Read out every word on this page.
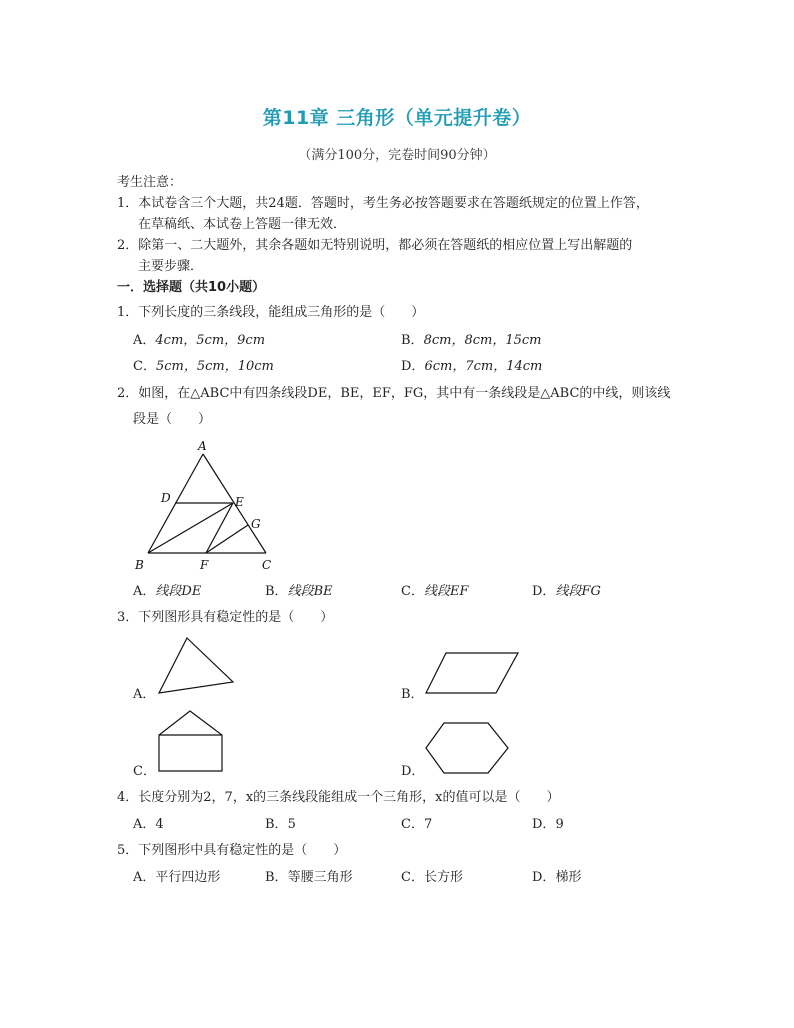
第11章 三角形（单元提升卷）
（满分100分，完卷时间90分钟）
考生注意：
1．本试卷含三个大题，共24题．答题时，考生务必按答题要求在答题纸规定的位置上作答，
在草稿纸、本试卷上答题一律无效．
2．除第一、二大题外，其余各题如无特别说明，都必须在答题纸的相应位置上写出解题的
主要步骤．
一．选择题（共10小题）
1．下列长度的三条线段，能组成三角形的是（　　）
A．4cm，5cm，9cm	B．8cm，8cm，15cm
C．5cm，5cm，10cm	D．6cm，7cm，14cm
2．如图，在△ABC中有四条线段DE，BE，EF，FG，其中有一条线段是△ABC的中线，则该线
段是（　　）
A
D	E
G
B	F	C
A．线段DE	B．线段BE	C．线段EF	D．线段FG
3．下列图形具有稳定性的是（　　）
A．	B．
C．	D．
4．长度分别为2，7，x的三条线段能组成一个三角形，x的值可以是（　　）
A．4	B．5	C．7	D．9
5．下列图形中具有稳定性的是（　　）
A．平行四边形	B．等腰三角形	C．长方形	D．梯形
